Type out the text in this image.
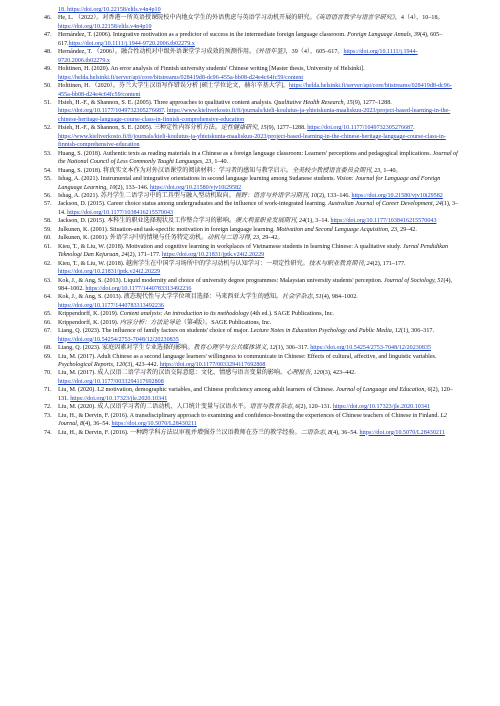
18. https://doi.org/10.22158/eltls.v4n4p10
46. He, L. （2022）。对香港一所英语授课院校中内地女学生的外语焦虑与英语学习动机开展的研究。《英语语言教学与语言学研究》，4（4），10–18。https://doi.org/10.22158/eltls.v4n4p10
47. Hernández, T. (2006). Integrative motivation as a predictor of success in the intermediate foreign language classroom. Foreign Language Annals, 39(4), 605–617.https://doi.org/10.1111/j.1944-9720.2006.tb02279.x
48. Hernández, T. （2006）。融合性动机对中级外语课堂学习成效的预测作用。《外语年鉴》，39（4），605–617。https://doi.org/10.1111/j.1944-9720.2006.tb02279.x
49. Holttinen, H. (2020). An error analysis of Finnish university students' Chinese writing [Master thesis, University of Helsinki]. https://helda.helsinki.fi/server/api/core/bitstreams/028419d8-dc96-455a-bb08-d24e4c64fc59/content
50. Holttinen, H. （2020）。芬兰大学生汉语写作错误分析 [硕士学位论文，赫尔辛基大学]，https://helda.helsinki.fi/server/api/core/bitstreams/028419d8-dc96-455a-bb08-d24e4c64fc59/content
51. Hsieh, H.-F., & Shannon, S. E. (2005). Three approaches to qualitative content analysis. Qualitative Health Research, 15(9), 1277–1288. https://doi.org/10.1177/1049732305276687. https://www.kieliverkosto.fi/fi/journals/kieli-koulutus-ja-yhteiskunta-maaliskuu-2023/project-based-learning-in-the-chinese-heritage-language-course-class-in-finnish-comprehensive-education
52. Hsieh, H.-F., & Shannon, S. E. (2005). 三种定性内容分析方法。定性健康研究, 15(9), 1277–1288. https://doi.org/10.1177/1049732305276687. https://www.kieliverkosto.fi/fi/journals/kieli-koulutus-ja-yhteiskunta-maaliskuu-2023/project-based-learning-in-the-chinese-heritage-language-course-class-in-finnish-comprehensive-education
53. Huang, S. (2018). Authentic texts as reading materials in a Chinese as a foreign language classroom: Learners' perceptions and pedagogical implications. Journal of the National Council of Less Commonly Taught Languages, 23, 1–40.
54. Huang, S. (2018). 将真实文本作为对外汉语课堂的阅读材料：学习者的感知与教学启示。全美较少教授语言委员会期刊, 23, 1–40。
55. Ishag, A. (2021). Instrumental and integrative orientations in second language learning among Sudanese students. Vision: Journal for Language and Foreign Language Learning, 10(2), 133–146. https://doi.org/10.21580/vjv10i29582
56. Ishag, A. (2021). 苏丹学生二语学习中的工具型与融入型动机取向。视野：语言与外语学习期刊, 10(2), 133–146. https://doi.org/10.21580/vjv10i29582
57. Jackson, D. (2015). Career choice status among undergraduates and the influence of work-integrated learning. Australian Journal of Career Development, 24(1), 3–14. https://doi.org/10.1177/1038416215570043
58. Jackson, D. (2015). 本科生的职业选择现状及工作整合学习的影响。澳大利亚职业发展期刊, 24(1), 3–14. https://doi.org/10.1177/1038416215570043
59. Julkunen, K. (2001). Situation-and task-specific motivation in foreign language learning. Motivation and Second Language Acquisition, 23, 29–42.
60. Julkunen, K. (2001). 外语学习中的情境与任务特定动机。动机与二语习得, 23, 29–42。
61. Kieu, T., & Liu, W. (2018). Motivation and cognitive learning in workplaces of Vietnamese students in learning Chinese: A qualitative study. Jurnal Pendidikan Teknologi Dan Kejuruan, 24(2), 171–177. https://doi.org/10.21831/jptk.v24i2.20229
62. Kieu, T., & Liu, W. (2018). 越南学生在中国学习场所中的学习动机与认知学习：一项定性研究。技术与职业教育期刊, 24(2), 171–177. https://doi.org/10.21831/jptk.v24i2.20229
63. Kok, J., & Ang, S. (2013). Liquid modernity and choice of university degree programmes: Malaysian university students' perception. Journal of Sociology, 51(4), 984–1002. https://doi.org/10.1177/1440783313492236
64. Kok, J., & Ang, S. (2013). 液态现代性与大学学位项目选择：马来西亚大学生的感知。社会学杂志, 51(4), 984–1002. https://doi.org/10.1177/1440783313492236
65. Krippendorff, K. (2019). Content analysis: An introduction to its methodology (4th ed.). SAGE Publications, Inc.
66. Krippendorff, K. (2019). 内容分析：方法论导论（第4版）。SAGE Publications, Inc.
67. Liang, Q. (2023). The influence of family factors on students' choice of major. Lecture Notes in Education Psychology and Public Media, 12(1), 306–317. https://doi.org/10.54254/2753-7048/12/20230835
68. Liang, Q. (2023). 家庭因素对学生专业选择的影响。教育心理学与公共媒体讲义, 12(1), 306–317. https://doi.org/10.54254/2753-7048/12/20230835
69. Liu, M. (2017). Adult Chinese as a second language learners' willingness to communicate in Chinese: Effects of cultural, affective, and linguistic variables. Psychological Reports, 120(3), 423–442. https://doi.org/10.1177/0033294117692808
70. Liu, M. (2017). 成人汉语二语学习者的汉语交际意愿：文化、情感与语言变量的影响。心理报告, 120(3), 423–442. https://doi.org/10.1177/0033294117692808
71. Liu, M. (2020). L2 motivation, demographic variables, and Chinese proficiency among adult learners of Chinese. Journal of Language and Education, 6(2), 120–131. https://doi.org/10.17323/jle.2020.10341
72. Liu, M. (2020). 成人汉语学习者的二语动机、人口统计变量与汉语水平。语言与教育杂志, 6(2), 120–131. https://doi.org/10.17323/jle.2020.10341
73. Liu, H., & Dervin, F. (2016). A transdisciplinary approach to examining and confidence-boosting the experiences of Chinese teachers of Chinese in Finland. L2 Journal, 8(4), 36–54. https://doi.org/10.5070/L28430211
74. Liu, H., & Dervin, F. (2016). 一种跨学科方法以审视并增强芬兰汉语教师在芬兰的教学经验。二语杂志, 8(4), 36–54. https://doi.org/10.5070/L28430211
